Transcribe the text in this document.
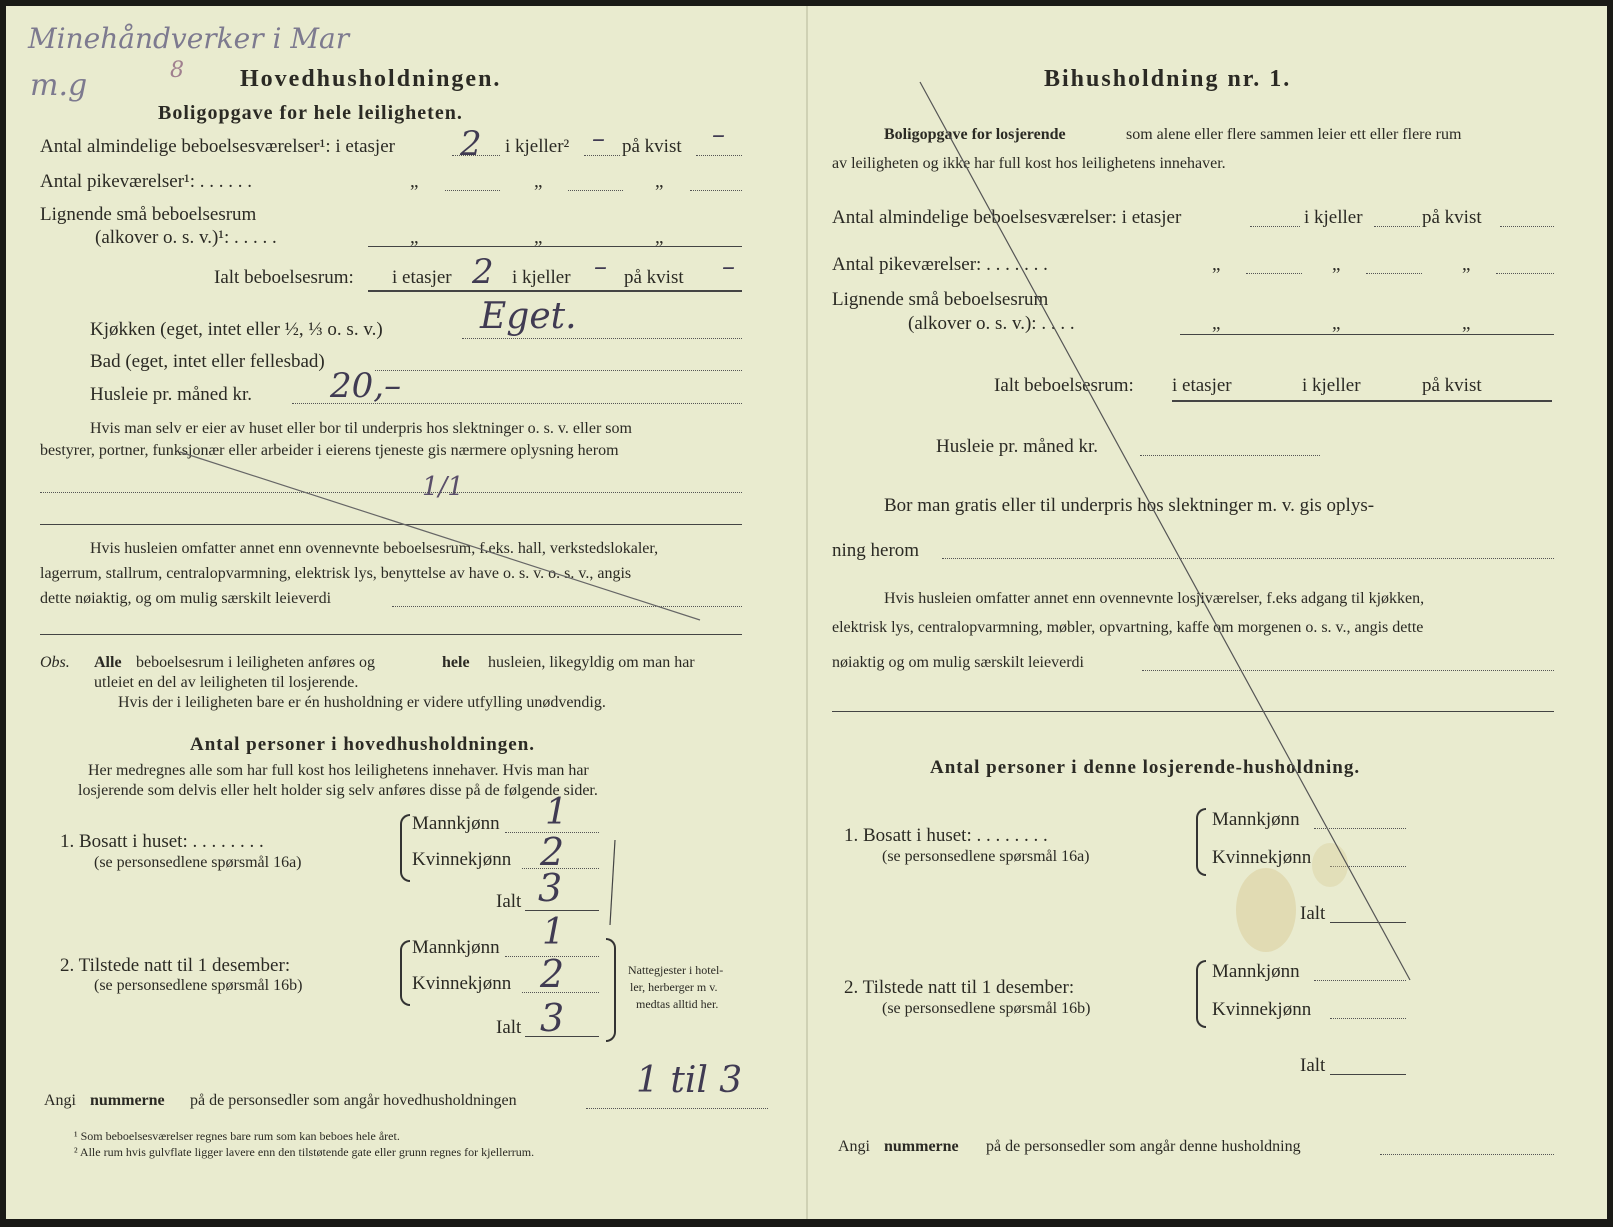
Minehåndverker i Mar
m.g	8 Hovedhusholdningen.
Boligopgave for hele leiligheten.
Antal almindelige beboelsesværelser¹: i etasjer 2 i kjeller² – på kvist –
Antal pikeværelser¹: . . . . . .	„	„	„
Lignende små beboelsesrum
(alkover o. s. v.)¹: . . . . .	„	„	„
Ialt beboelsesrum: i etasjer 2 i kjeller – på kvist –
Kjøkken (eget, intet eller ½, ⅓ o. s. v.)	Eget.
Bad (eget, intet eller fellesbad)
Husleie pr. måned kr. 20,–
Hvis man selv er eier av huset eller bor til underpris hos slektninger o. s. v. eller som
bestyrer, portner, funksjonær eller arbeider i eierens tjeneste gis nærmere oplysning herom
1/1
Hvis husleien omfatter annet enn ovennevnte beboelsesrum, f.eks. hall, verkstedslokaler,
lagerrum, stallrum, centralopvarmning, elektrisk lys, benyttelse av have o. s. v. o. s. v., angis
dette nøiaktig, og om mulig særskilt leieverdi
Obs. Alle beboelsesrum i leiligheten anføres og	hele husleien, likegyldig om man har
utleiet en del av leiligheten til losjerende.
Hvis der i leiligheten bare er én husholdning er videre utfylling unødvendig.
Antal personer i hovedhusholdningen.
Her medregnes alle som har full kost hos leilighetens innehaver. Hvis man har
losjerende som delvis eller helt holder sig selv anføres disse på de følgende sider.
1. Bosatt i huset: . . . . . . . .
(se personsedlene spørsmål 16a)
Mannkjønn 1
Kvinnekjønn 2
Ialt 3
2. Tilstede natt til 1 desember:
(se personsedlene spørsmål 16b)
Mannkjønn 1
Kvinnekjønn 2
Ialt 3
Nattegjester i hotel-
ler, herberger m v.
medtas alltid her.
Angi nummerne på de personsedler som angår hovedhusholdningen	1 til 3
¹ Som beboelsesværelser regnes bare rum som kan beboes hele året.
² Alle rum hvis gulvflate ligger lavere enn den tilstøtende gate eller grunn regnes for kjellerrum.
Bihusholdning nr. 1.
Boligopgave for losjerende	som alene eller flere sammen leier ett eller flere rum
av leiligheten og ikke har full kost hos leilighetens innehaver.
Antal almindelige beboelsesværelser: i etasjer	i kjeller	på kvist
Antal pikeværelser: . . . . . . .	„	„	„
Lignende små beboelsesrum
(alkover o. s. v.): . . . .	„	„	„
Ialt beboelsesrum: i etasjer	i kjeller	på kvist
Husleie pr. måned kr.
Bor man gratis eller til underpris hos slektninger m. v. gis oplys-
ning herom
Hvis husleien omfatter annet enn ovennevnte losjiværelser, f.eks adgang til kjøkken,
elektrisk lys, centralopvarmning, møbler, opvartning, kaffe om morgenen o. s. v., angis dette
nøiaktig og om mulig særskilt leieverdi
Antal personer i denne losjerende-husholdning.
1. Bosatt i huset: . . . . . . . .
(se personsedlene spørsmål 16a)
Mannkjønn
Kvinnekjønn
Ialt
2. Tilstede natt til 1 desember:
(se personsedlene spørsmål 16b)
Mannkjønn
Kvinnekjønn
Ialt
Angi nummerne på de personsedler som angår denne husholdning
